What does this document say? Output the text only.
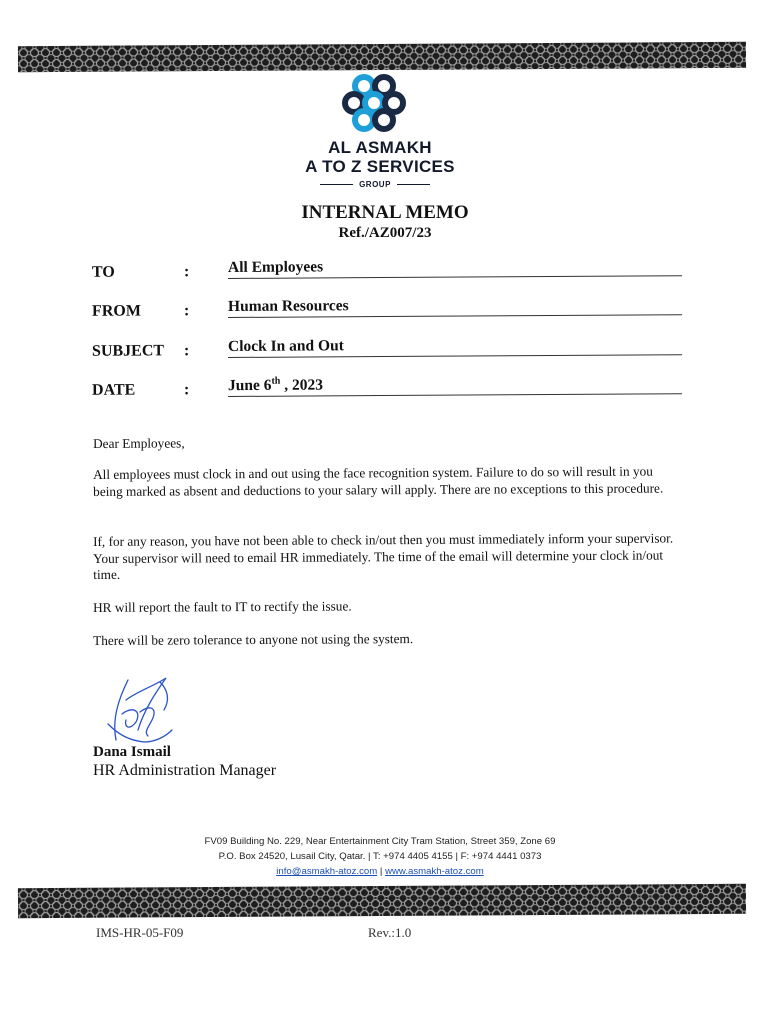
AL ASMAKH
A TO Z SERVICES
GROUP
INTERNAL MEMO
Ref./AZ007/23
TO	: All Employees
FROM	: Human Resources
SUBJECT : Clock In and Out
DATE	: June 6th , 2023
Dear Employees,
All employees must clock in and out using the face recognition system. Failure to do so will result in you being marked as absent and deductions to your salary will apply. There are no exceptions to this procedure.
If, for any reason, you have not been able to check in/out then you must immediately inform your supervisor. Your supervisor will need to email HR immediately. The time of the email will determine your clock in/out time.
HR will report the fault to IT to rectify the issue.
There will be zero tolerance to anyone not using the system.
Dana Ismail
HR Administration Manager
FV09 Building No. 229, Near Entertainment City Tram Station, Street 359, Zone 69
P.O. Box 24520, Lusail City, Qatar. | T: +974 4405 4155 | F: +974 4441 0373
info@asmakh-atoz.com | www.asmakh-atoz.com
IMS-HR-05-F09	Rev.:1.0
